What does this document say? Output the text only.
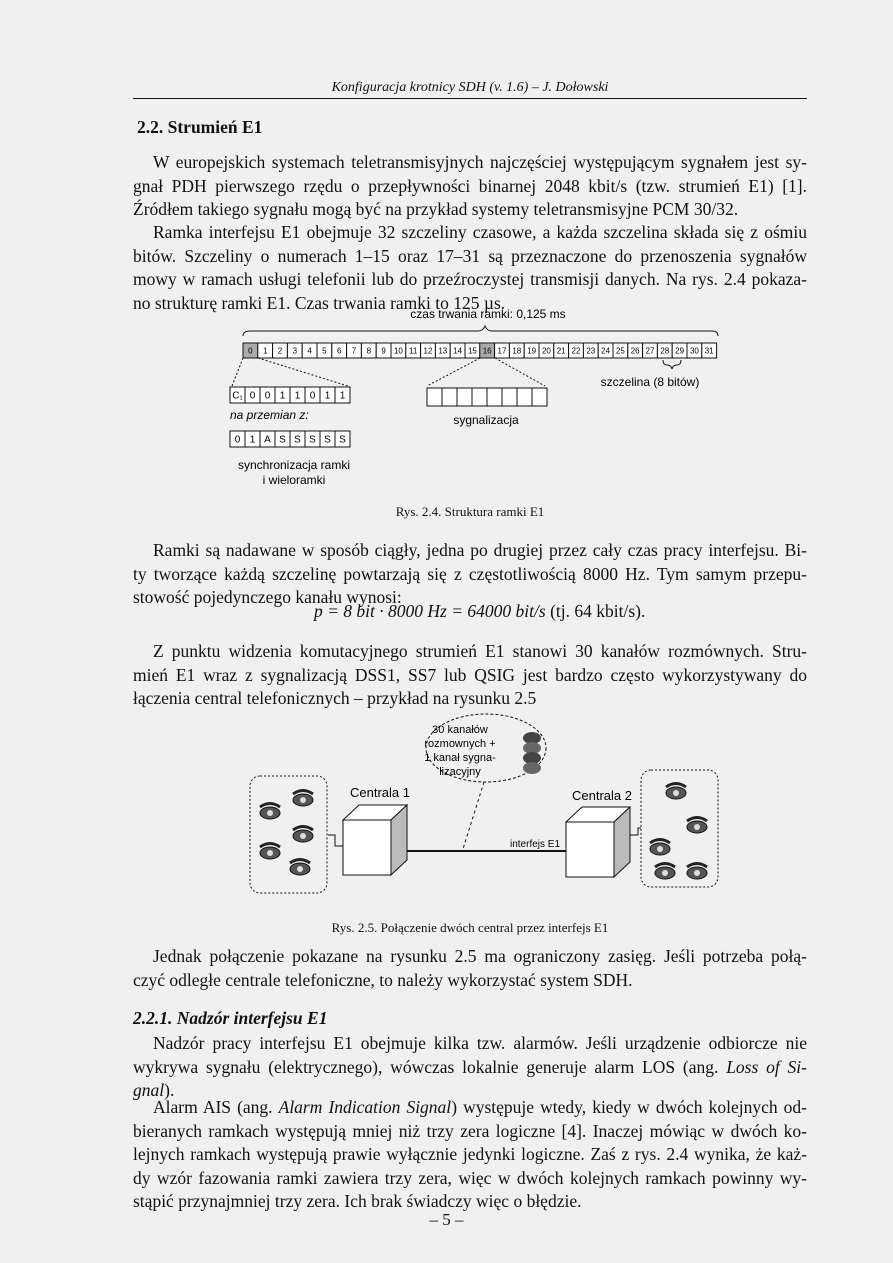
Konfiguracja krotnicy SDH (v. 1.6) – J. Dołowski
2.2. Strumień E1
W europejskich systemach teletransmisyjnych najczęściej występującym sygnałem jest sy-
gnał PDH pierwszego rzędu o przepływności binarnej 2048 kbit/s (tzw. strumień E1) [1].
Źródłem takiego sygnału mogą być na przykład systemy teletransmisyjne PCM 30/32.
Ramka interfejsu E1 obejmuje 32 szczeliny czasowe, a każda szczelina składa się z ośmiu
bitów. Szczeliny o numerach 1–15 oraz 17–31 są przeznaczone do przenoszenia sygnałów
mowy w ramach usługi telefonii lub do przeźroczystej transmisji danych. Na rys. 2.4 pokaza-
no strukturę ramki E1. Czas trwania ramki to 125 µs.
czas trwania ramki: 0,125 ms
0 1 2 3 4 5 6 7 8 9 10 11 12 13 14 15 16 17 18 19 20 21 22 23 24 25 26 27 28 29 30 31
szczelina (8 bitów)
C₁ 0 0 1 1 0 1 1
na przemian z:
0 1 A S S S S S
synchronizacja ramki
i wieloramki
sygnalizacja
Rys. 2.4. Struktura ramki E1
Ramki są nadawane w sposób ciągły, jedna po drugiej przez cały czas pracy interfejsu. Bi-
ty tworzące każdą szczelinę powtarzają się z częstotliwością 8000 Hz. Tym samym przepu-
stowość pojedynczego kanału wynosi:
p = 8 bit · 8000 Hz = 64000 bit/s (tj. 64 kbit/s).
Z punktu widzenia komutacyjnego strumień E1 stanowi 30 kanałów rozmównych. Stru-
mień E1 wraz z sygnalizacją DSS1, SS7 lub QSIG jest bardzo często wykorzystywany do
łączenia central telefonicznych – przykład na rysunku 2.5
30 kanałów
rozmownych +
1 kanał sygna-
lizacyjny
Centrala 1	Centrala 2
interfejs E1
Rys. 2.5. Połączenie dwóch central przez interfejs E1
Jednak połączenie pokazane na rysunku 2.5 ma ograniczony zasięg. Jeśli potrzeba połą-
czyć odległe centrale telefoniczne, to należy wykorzystać system SDH.
2.2.1. Nadzór interfejsu E1
Nadzór pracy interfejsu E1 obejmuje kilka tzw. alarmów. Jeśli urządzenie odbiorcze nie
wykrywa sygnału (elektrycznego), wówczas lokalnie generuje alarm LOS (ang. Loss of Si-
gnal).
Alarm AIS (ang. Alarm Indication Signal) występuje wtedy, kiedy w dwóch kolejnych od-
bieranych ramkach występują mniej niż trzy zera logiczne [4]. Inaczej mówiąc w dwóch ko-
lejnych ramkach występują prawie wyłącznie jedynki logiczne. Zaś z rys. 2.4 wynika, że każ-
dy wzór fazowania ramki zawiera trzy zera, więc w dwóch kolejnych ramkach powinny wy-
stąpić przynajmniej trzy zera. Ich brak świadczy więc o błędzie.
– 5 –
